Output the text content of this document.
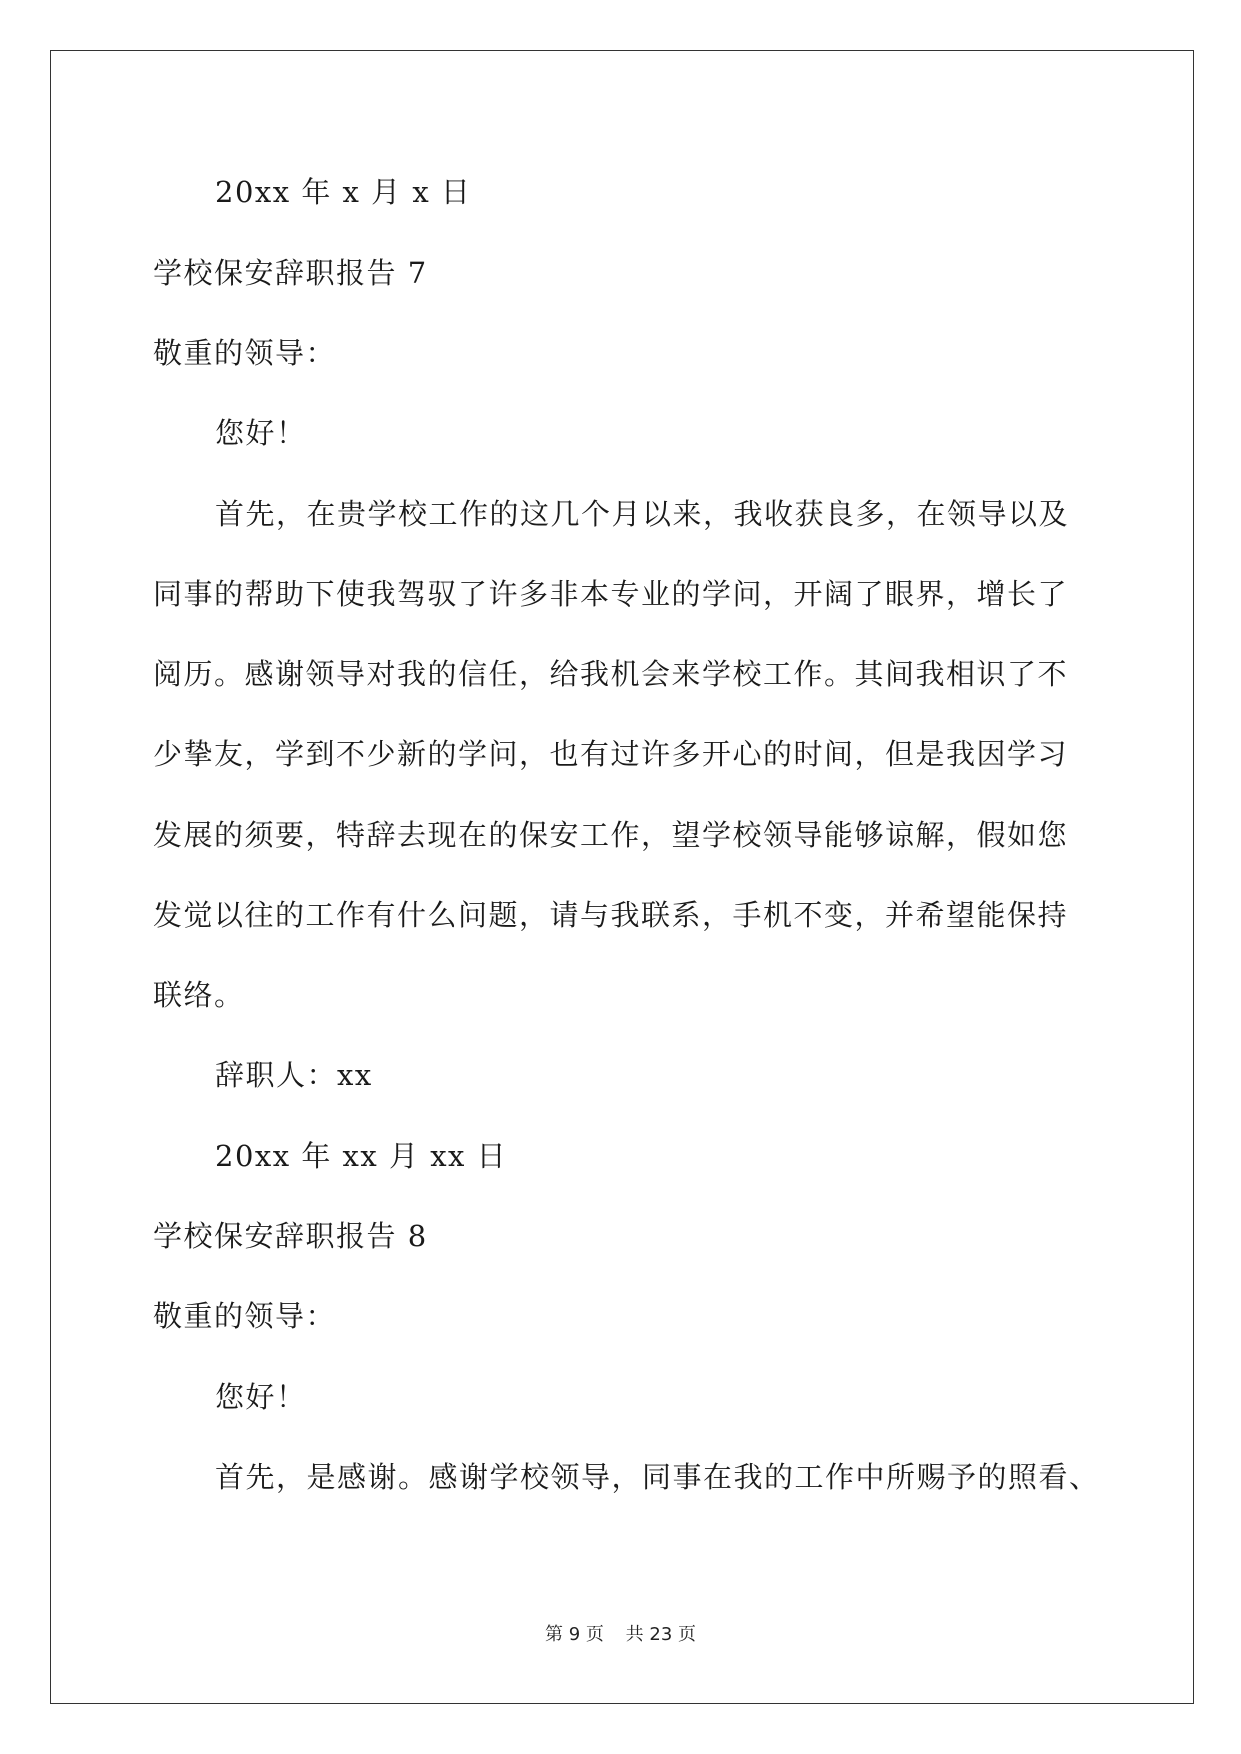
20xx 年 x 月 x 日
学校保安辞职报告 7
敬重的领导：
您好！
首先，在贵学校工作的这几个月以来，我收获良多，在领导以及
同事的帮助下使我驾驭了许多非本专业的学问，开阔了眼界，增长了
阅历。感谢领导对我的信任，给我机会来学校工作。其间我相识了不
少挚友，学到不少新的学问，也有过许多开心的时间，但是我因学习
发展的须要，特辞去现在的保安工作，望学校领导能够谅解，假如您
发觉以往的工作有什么问题，请与我联系，手机不变，并希望能保持
联络。
辞职人：xx
20xx 年 xx 月 xx 日
学校保安辞职报告 8
敬重的领导：
您好！
首先，是感谢。感谢学校领导，同事在我的工作中所赐予的照看、
第 9 页 共 23 页
